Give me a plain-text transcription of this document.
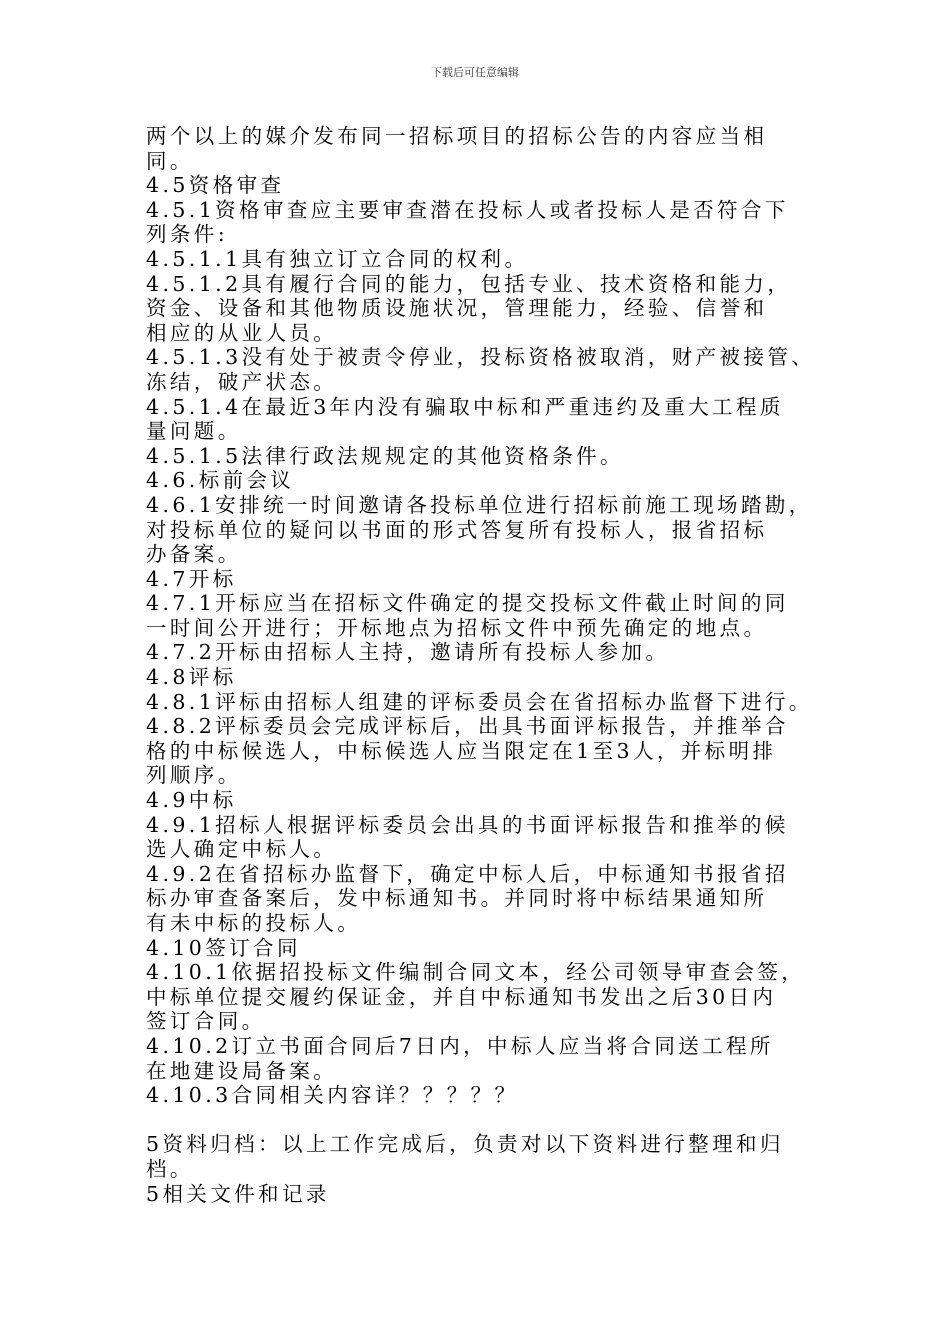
下载后可任意编辑
两个以上的媒介发布同一招标项目的招标公告的内容应当相
同。
4.5资格审查
4.5.1资格审查应主要审查潜在投标人或者投标人是否符合下
列条件:
4.5.1.1具有独立订立合同的权利。
4.5.1.2具有履行合同的能力，包括专业、技术资格和能力，
资金、设备和其他物质设施状况，管理能力，经验、信誉和
相应的从业人员。
4.5.1.3没有处于被责令停业，投标资格被取消，财产被接管、
冻结，破产状态。
4.5.1.4在最近3年内没有骗取中标和严重违约及重大工程质
量问题。
4.5.1.5法律行政法规规定的其他资格条件。
4.6.标前会议
4.6.1安排统一时间邀请各投标单位进行招标前施工现场踏勘，
对投标单位的疑问以书面的形式答复所有投标人，报省招标
办备案。
4.7开标
4.7.1开标应当在招标文件确定的提交投标文件截止时间的同
一时间公开进行；开标地点为招标文件中预先确定的地点。
4.7.2开标由招标人主持，邀请所有投标人参加。
4.8评标
4.8.1评标由招标人组建的评标委员会在省招标办监督下进行。
4.8.2评标委员会完成评标后，出具书面评标报告，并推举合
格的中标候选人，中标候选人应当限定在1至3人，并标明排
列顺序。
4.9中标
4.9.1招标人根据评标委员会出具的书面评标报告和推举的候
选人确定中标人。
4.9.2在省招标办监督下，确定中标人后，中标通知书报省招
标办审查备案后，发中标通知书。并同时将中标结果通知所
有未中标的投标人。
4.10签订合同
4.10.1依据招投标文件编制合同文本，经公司领导审查会签，
中标单位提交履约保证金，并自中标通知书发出之后30日内
签订合同。
4.10.2订立书面合同后7日内，中标人应当将合同送工程所
在地建设局备案。
4.10.3合同相关内容详？？？？？
5资料归档：以上工作完成后，负责对以下资料进行整理和归
档。
5相关文件和记录
